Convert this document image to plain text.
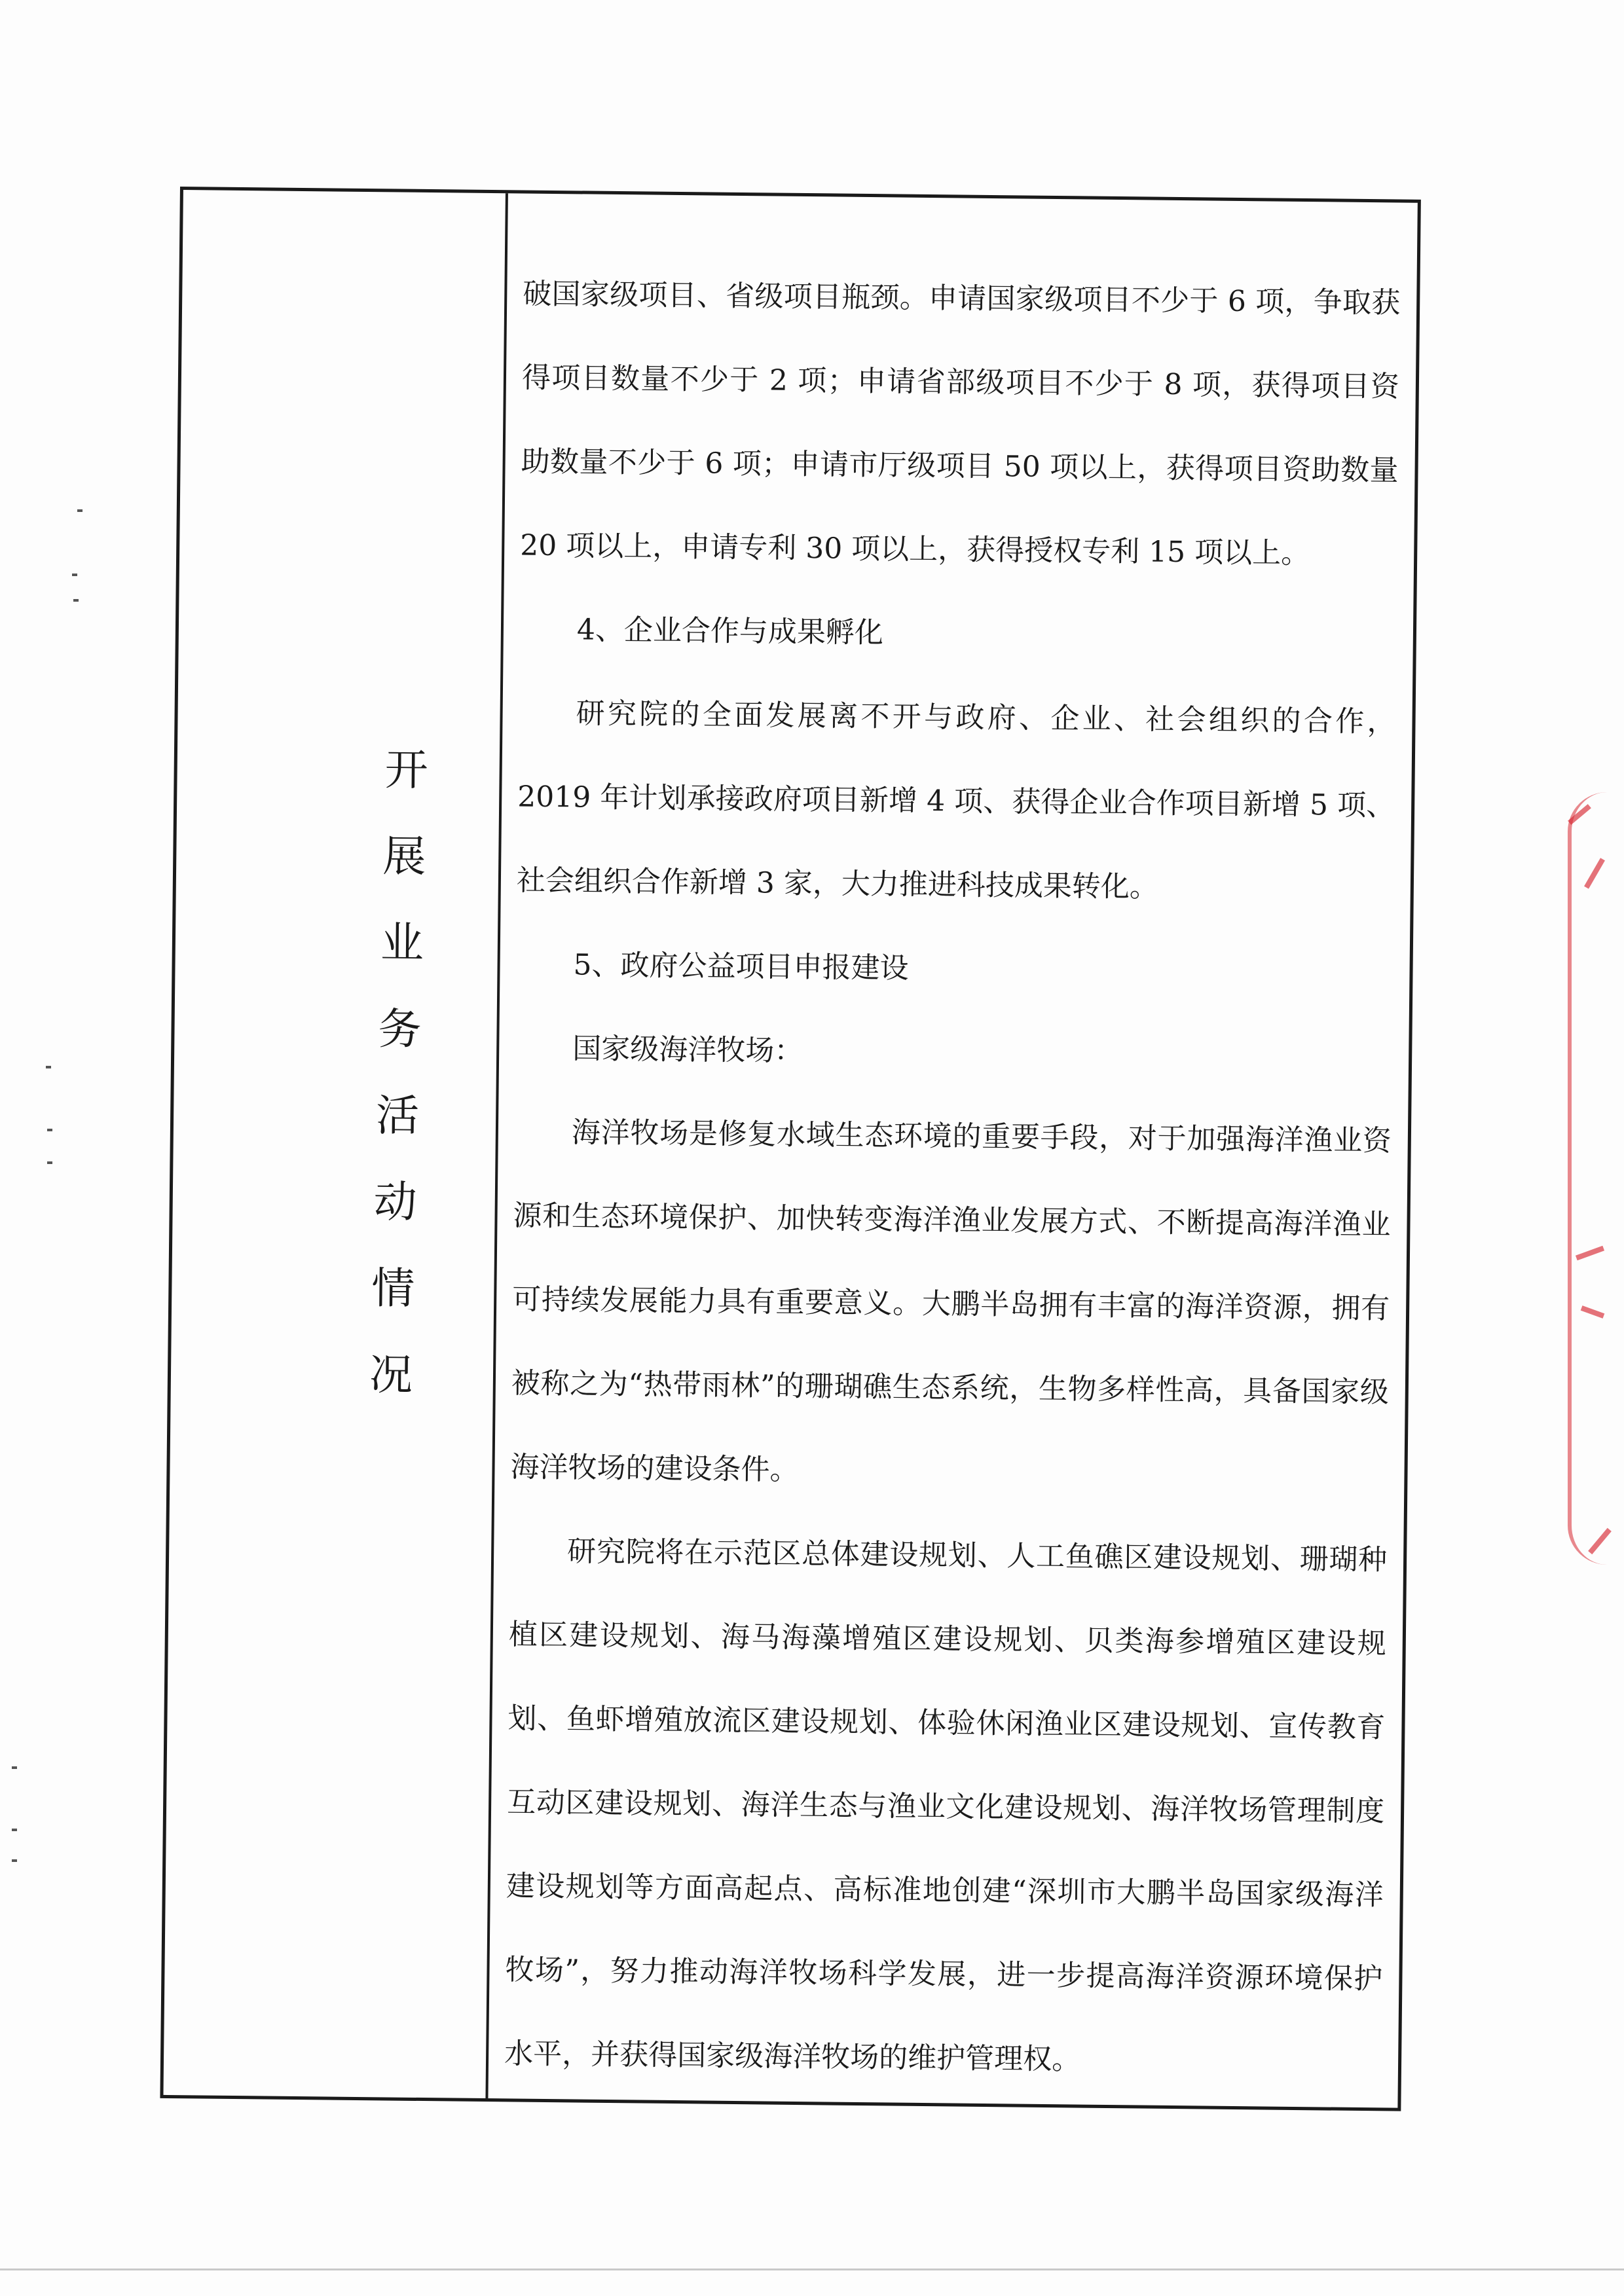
开
展
业
务
活
动
情
况

破国家级项目、省级项目瓶颈。申请国家级项目不少于 6 项，争取获得项目数量不少于 2 项；申请省部级项目不少于 8 项，获得项目资助数量不少于 6 项；申请市厅级项目 50 项以上，获得项目资助数量 20 项以上，申请专利 30 项以上，获得授权专利 15 项以上。

4、企业合作与成果孵化

研究院的全面发展离不开与政府、企业、社会组织的合作，2019 年计划承接政府项目新增 4 项、获得企业合作项目新增 5 项、社会组织合作新增 3 家，大力推进科技成果转化。

5、政府公益项目申报建设

国家级海洋牧场：

海洋牧场是修复水域生态环境的重要手段，对于加强海洋渔业资源和生态环境保护、加快转变海洋渔业发展方式、不断提高海洋渔业可持续发展能力具有重要意义。大鹏半岛拥有丰富的海洋资源，拥有被称之为“热带雨林”的珊瑚礁生态系统，生物多样性高，具备国家级海洋牧场的建设条件。

研究院将在示范区总体建设规划、人工鱼礁区建设规划、珊瑚种植区建设规划、海马海藻增殖区建设规划、贝类海参增殖区建设规划、鱼虾增殖放流区建设规划、体验休闲渔业区建设规划、宣传教育互动区建设规划、海洋生态与渔业文化建设规划、海洋牧场管理制度建设规划等方面高起点、高标准地创建“深圳市大鹏半岛国家级海洋牧场”，努力推动海洋牧场科学发展，进一步提高海洋资源环境保护水平，并获得国家级海洋牧场的维护管理权。
